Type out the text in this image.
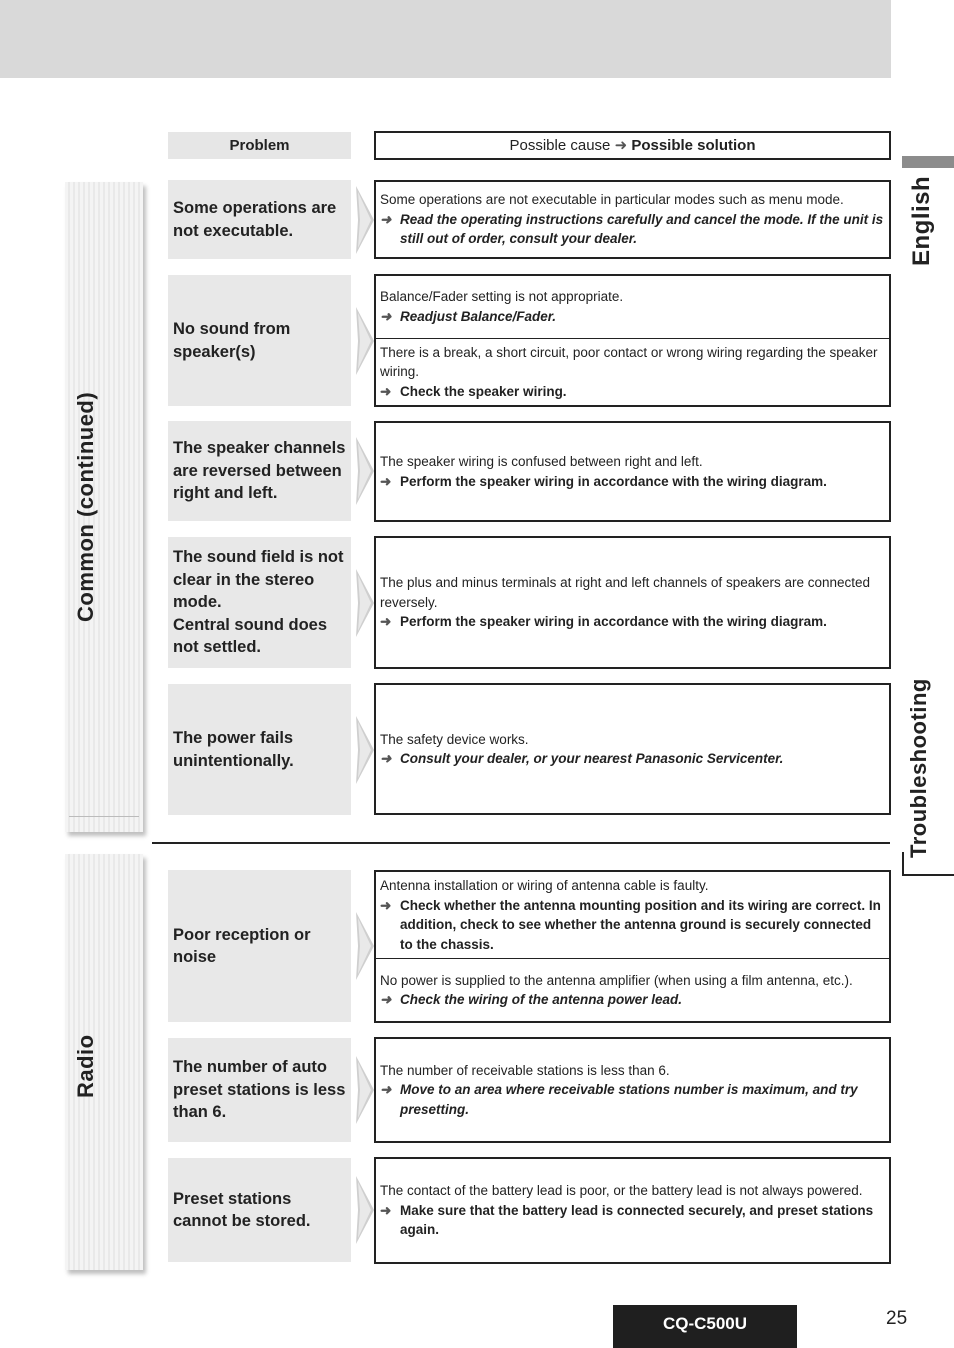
English
Troubleshooting
Common (continued)
Radio
Problem	Possible cause ➜ Possible solution
Some operations are not executable.
Some operations are not executable in particular modes such as menu mode.
➜ Read the operating instructions carefully and cancel the mode. If the unit is still out of order, consult your dealer.
No sound from speaker(s)
Balance/Fader setting is not appropriate.
➜ Readjust Balance/Fader.
There is a break, a short circuit, poor contact or wrong wiring regarding the speaker wiring.
➜ Check the speaker wiring.
The speaker channels are reversed between right and left.
The speaker wiring is confused between right and left.
➜ Perform the speaker wiring in accordance with the wiring diagram.
The sound field is not clear in the stereo mode.
Central sound does not settled.
The plus and minus terminals at right and left channels of speakers are connected reversely.
➜ Perform the speaker wiring in accordance with the wiring diagram.
The power fails unintentionally.
The safety device works.
➜ Consult your dealer, or your nearest Panasonic Servicenter.
Poor reception or noise
Antenna installation or wiring of antenna cable is faulty.
➜ Check whether the antenna mounting position and its wiring are correct. In addition, check to see whether the antenna ground is securely connected to the chassis.
No power is supplied to the antenna amplifier (when using a film antenna, etc.).
➜ Check the wiring of the antenna power lead.
The number of auto preset stations is less than 6.
The number of receivable stations is less than 6.
➜ Move to an area where receivable stations number is maximum, and try presetting.
Preset stations cannot be stored.
The contact of the battery lead is poor, or the battery lead is not always powered.
➜ Make sure that the battery lead is connected securely, and preset stations again.
CQ-C500U	25
